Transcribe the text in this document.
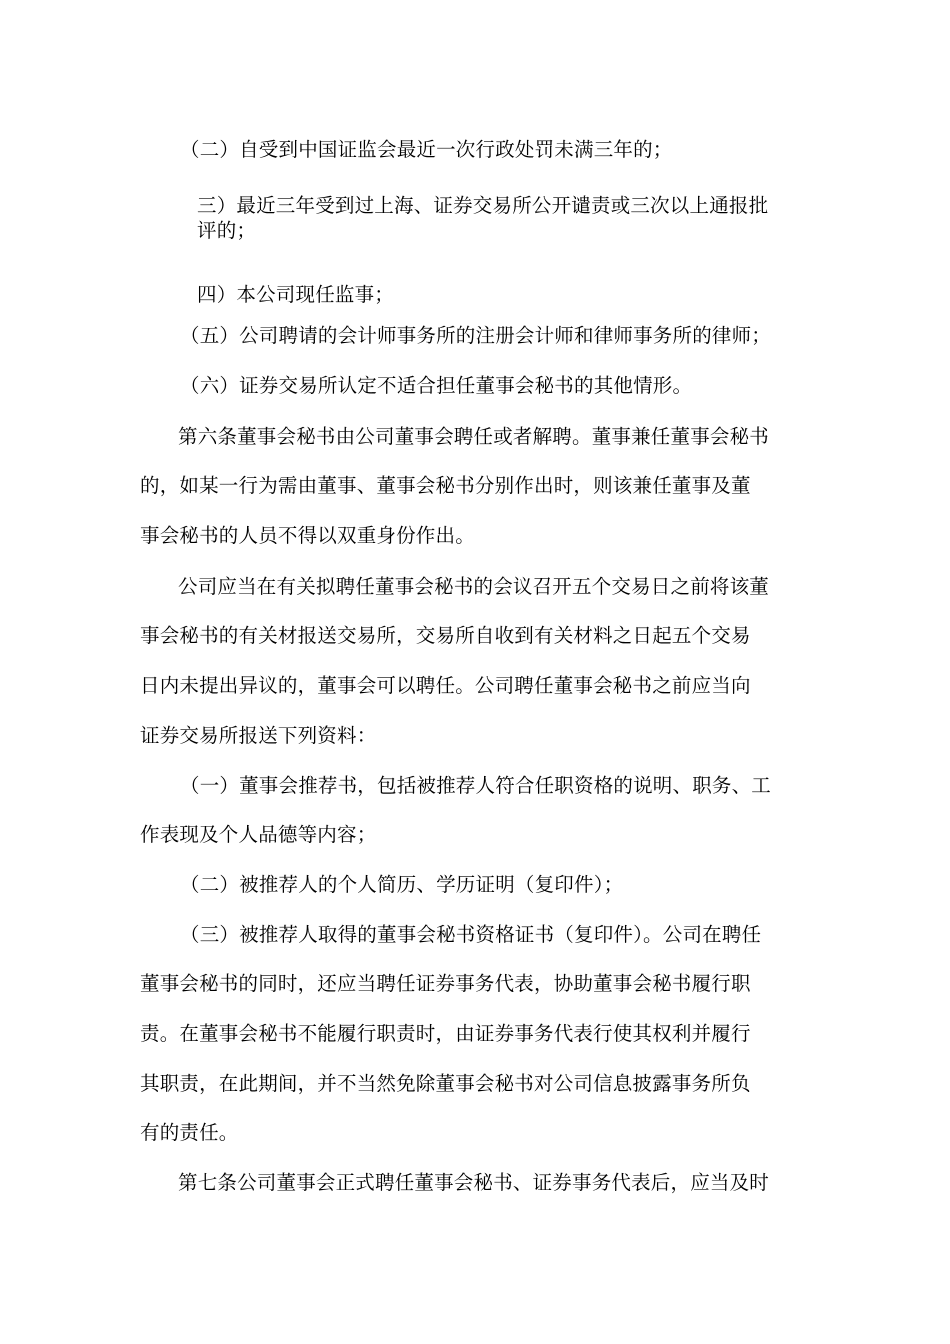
（二）自受到中国证监会最近一次行政处罚未满三年的；
三）最近三年受到过上海、证券交易所公开谴责或三次以上通报批
评的；
四）本公司现任监事；
（五）公司聘请的会计师事务所的注册会计师和律师事务所的律师；
（六）证券交易所认定不适合担任董事会秘书的其他情形。
第六条董事会秘书由公司董事会聘任或者解聘。董事兼任董事会秘书
的，如某一行为需由董事、董事会秘书分别作出时，则该兼任董事及董
事会秘书的人员不得以双重身份作出。
公司应当在有关拟聘任董事会秘书的会议召开五个交易日之前将该董
事会秘书的有关材报送交易所，交易所自收到有关材料之日起五个交易
日内未提出异议的，董事会可以聘任。公司聘任董事会秘书之前应当向
证券交易所报送下列资料：
（一）董事会推荐书，包括被推荐人符合任职资格的说明、职务、工
作表现及个人品德等内容；
（二）被推荐人的个人简历、学历证明（复印件）；
（三）被推荐人取得的董事会秘书资格证书（复印件）。公司在聘任
董事会秘书的同时，还应当聘任证券事务代表，协助董事会秘书履行职
责。在董事会秘书不能履行职责时，由证券事务代表行使其权利并履行
其职责，在此期间，并不当然免除董事会秘书对公司信息披露事务所负
有的责任。
第七条公司董事会正式聘任董事会秘书、证券事务代表后，应当及时
